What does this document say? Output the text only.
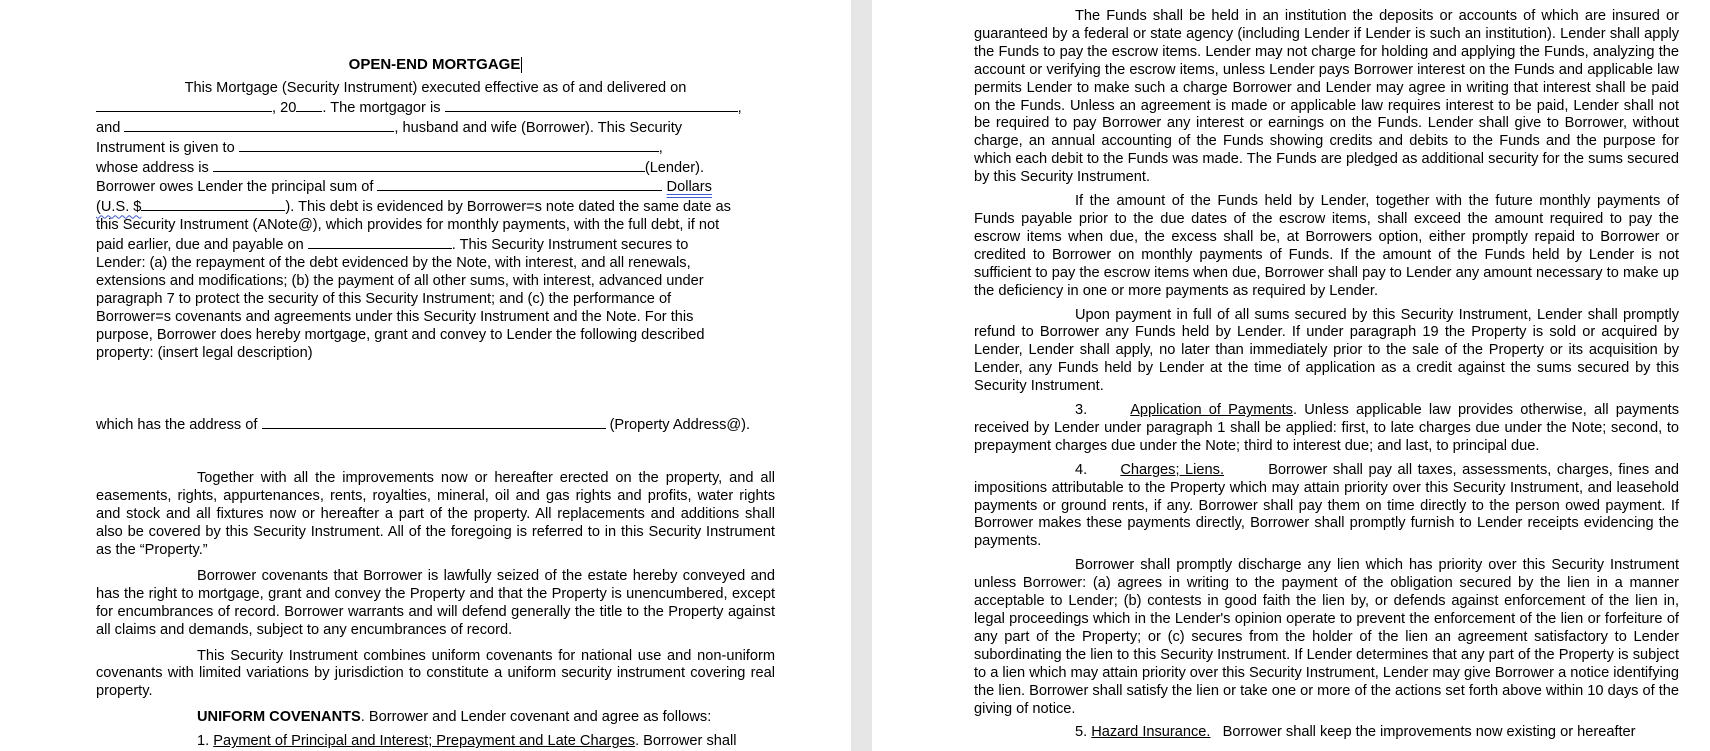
OPEN-END MORTGAGE

This Mortgage (Security Instrument) executed effective as of and delivered on

, 20 . The mortgagor is	,

and	, husband and wife (Borrower). This Security

Instrument is given to	,

whose address is	(Lender).

Borrower owes Lender the principal sum of	Dollars

(U.S. $	). This debt is evidenced by Borrower=s note dated the same date as

this Security Instrument (ANote@), which provides for monthly payments, with the full debt, if not

paid earlier, due and payable on	. This Security Instrument secures to

Lender: (a) the repayment of the debt evidenced by the Note, with interest, and all renewals,

extensions and modifications; (b) the payment of all other sums, with interest, advanced under

paragraph 7 to protect the security of this Security Instrument; and (c) the performance of

Borrower=s covenants and agreements under this Security Instrument and the Note. For this

purpose, Borrower does hereby mortgage, grant and convey to Lender the following described

property: (insert legal description)

which has the address of	(Property Address@).

Together with all the improvements now or hereafter erected on the property, and all easements, rights, appurtenances, rents, royalties, mineral, oil and gas rights and profits, water rights and stock and all fixtures now or hereafter a part of the property. All replacements and additions shall also be covered by this Security Instrument. All of the foregoing is referred to in this Security Instrument as the “Property.”

Borrower covenants that Borrower is lawfully seized of the estate hereby conveyed and has the right to mortgage, grant and convey the Property and that the Property is unencumbered, except for encumbrances of record. Borrower warrants and will defend generally the title to the Property against all claims and demands, subject to any encumbrances of record.

This Security Instrument combines uniform covenants for national use and non-uniform covenants with limited variations by jurisdiction to constitute a uniform security instrument covering real property.

UNIFORM COVENANTS. Borrower and Lender covenant and agree as follows:

1. Payment of Principal and Interest; Prepayment and Late Charges. Borrower shall

The Funds shall be held in an institution the deposits or accounts of which are insured or guaranteed by a federal or state agency (including Lender if Lender is such an institution). Lender shall apply the Funds to pay the escrow items. Lender may not charge for holding and applying the Funds, analyzing the account or verifying the escrow items, unless Lender pays Borrower interest on the Funds and applicable law permits Lender to make such a charge Borrower and Lender may agree in writing that interest shall be paid on the Funds. Unless an agreement is made or applicable law requires interest to be paid, Lender shall not be required to pay Borrower any interest or earnings on the Funds. Lender shall give to Borrower, without charge, an annual accounting of the Funds showing credits and debits to the Funds and the purpose for which each debit to the Funds was made. The Funds are pledged as additional security for the sums secured by this Security Instrument.

If the amount of the Funds held by Lender, together with the future monthly payments of Funds payable prior to the due dates of the escrow items, shall exceed the amount required to pay the escrow items when due, the excess shall be, at Borrowers option, either promptly repaid to Borrower or credited to Borrower on monthly payments of Funds. If the amount of the Funds held by Lender is not sufficient to pay the escrow items when due, Borrower shall pay to Lender any amount necessary to make up the deficiency in one or more payments as required by Lender.

Upon payment in full of all sums secured by this Security Instrument, Lender shall promptly refund to Borrower any Funds held by Lender. If under paragraph 19 the Property is sold or acquired by Lender, Lender shall apply, no later than immediately prior to the sale of the Property or its acquisition by Lender, any Funds held by Lender at the time of application as a credit against the sums secured by this Security Instrument.

3.	Application of Payments. Unless applicable law provides otherwise, all payments received by Lender under paragraph 1 shall be applied: first, to late charges due under the Note; second, to prepayment charges due under the Note; third to interest due; and last, to principal due.

4. Charges; Liens.	Borrower shall pay all taxes, assessments, charges, fines and impositions attributable to the Property which may attain priority over this Security Instrument, and leasehold payments or ground rents, if any. Borrower shall pay them on time directly to the person owed payment. If Borrower makes these payments directly, Borrower shall promptly furnish to Lender receipts evidencing the payments.

Borrower shall promptly discharge any lien which has priority over this Security Instrument unless Borrower: (a) agrees in writing to the payment of the obligation secured by the lien in a manner acceptable to Lender; (b) contests in good faith the lien by, or defends against enforcement of the lien in, legal proceedings which in the Lender's opinion operate to prevent the enforcement of the lien or forfeiture of any part of the Property; or (c) secures from the holder of the lien an agreement satisfactory to Lender subordinating the lien to this Security Instrument. If Lender determines that any part of the Property is subject to a lien which may attain priority over this Security Instrument, Lender may give Borrower a notice identifying the lien. Borrower shall satisfy the lien or take one or more of the actions set forth above within 10 days of the giving of notice.

5. Hazard Insurance. Borrower shall keep the improvements now existing or hereafter
